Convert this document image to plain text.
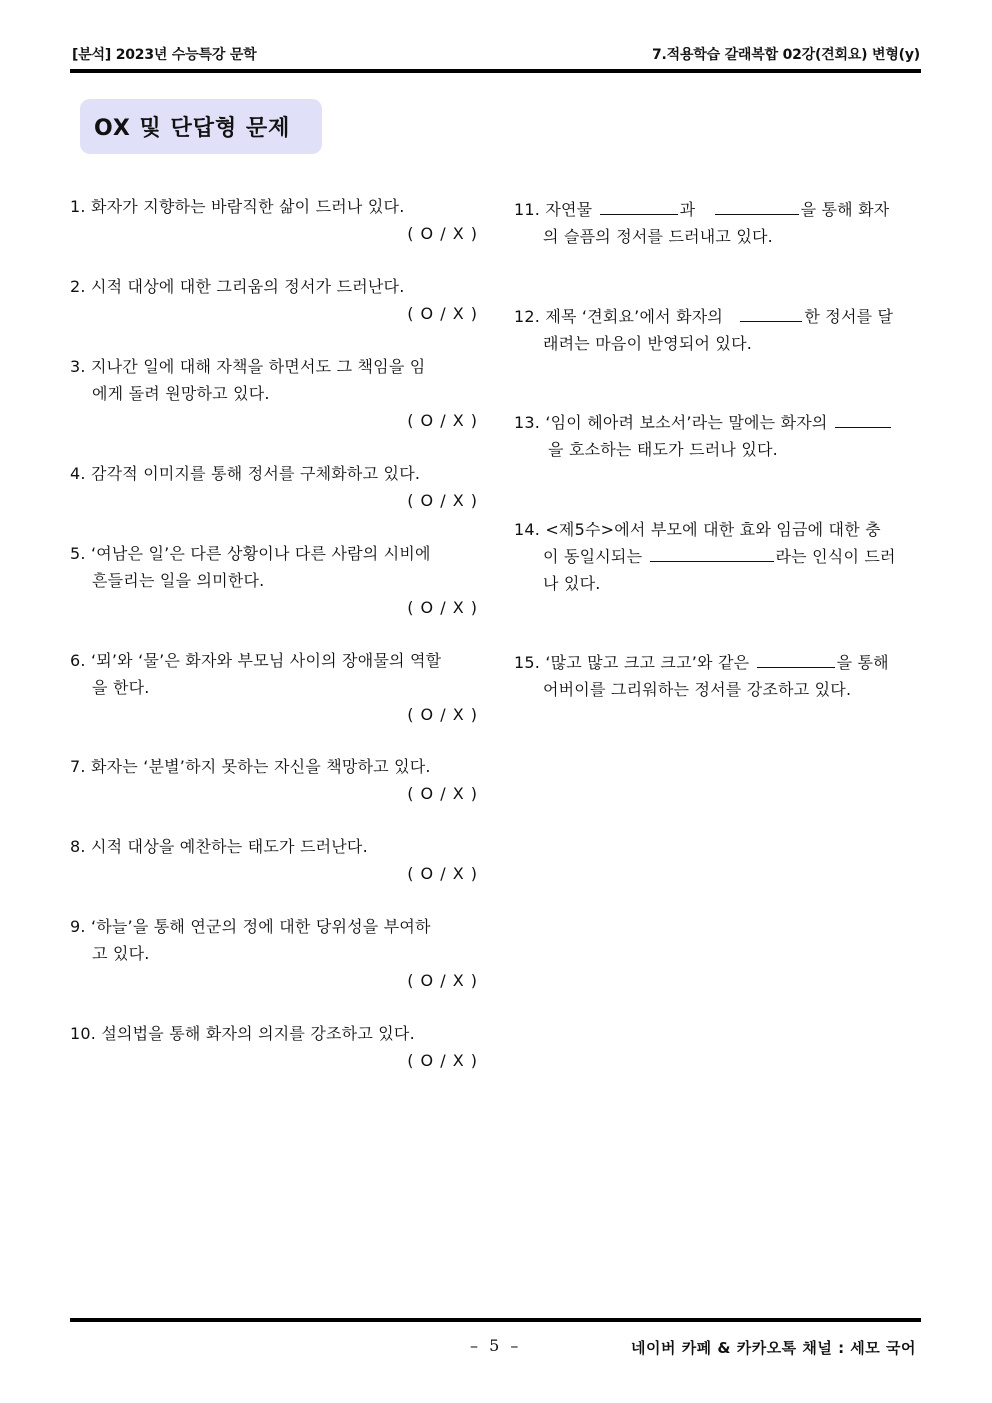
[분석] 2023년 수능특강 문학	7.적용학습 갈래복합 02강(견회요) 변형(y)
OX 및 단답형 문제
1. 화자가 지향하는 바람직한 삶이 드러나 있다.
( O / X )
2. 시적 대상에 대한 그리움의 정서가 드러난다.
( O / X )
3. 지나간 일에 대해 자책을 하면서도 그 책임을 임
에게 돌려 원망하고 있다.
( O / X )
4. 감각적 이미지를 통해 정서를 구체화하고 있다.
( O / X )
5. ‘여남은 일’은 다른 상황이나 다른 사람의 시비에
흔들리는 일을 의미한다.
( O / X )
6. ‘뫼’와 ‘물’은 화자와 부모님 사이의 장애물의 역할
을 한다.
( O / X )
7. 화자는 ‘분별’하지 못하는 자신을 책망하고 있다.
( O / X )
8. 시적 대상을 예찬하는 태도가 드러난다.
( O / X )
9. ‘하늘’을 통해 연군의 정에 대한 당위성을 부여하
고 있다.
( O / X )
10. 설의법을 통해 화자의 의지를 강조하고 있다.
( O / X )
11. 자연물	과	을 통해 화자
의 슬픔의 정서를 드러내고 있다.
12. 제목 ‘견회요’에서 화자의	한 정서를 달
래려는 마음이 반영되어 있다.
13. ‘임이 헤아려 보소서’라는 말에는 화자의
을 호소하는 태도가 드러나 있다.
14. <제5수>에서 부모에 대한 효와 임금에 대한 충
이 동일시되는	라는 인식이 드러
나 있다.
15. ‘많고 많고 크고 크고’와 같은	을 통해
어버이를 그리워하는 정서를 강조하고 있다.
– 5 –	네이버 카페 & 카카오톡 채널 : 세모 국어
